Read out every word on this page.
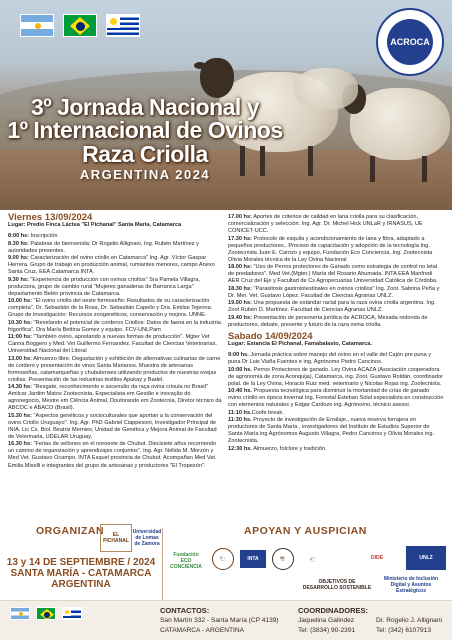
ACROCA
3º Jornada Nacional y
1º Internacional de Ovinos
Raza Criolla
ARGENTINA 2024
Viernes 13/09/2024
Lugar: Predio Finca Láctea "El Pichanal" Santa María, Catamarca
8:00 hs: Inscripción
8.30 hs: Palabras de bienvenida: Dr Rogelio Allignani, Ing. Rubén Martínez y autoridades presentes.
9.00 hs: Caracterización del ovino criollo en Catamarca" Ing. Agr. Víctor Gaspar Herrera. Grupo de trabajo en producción animal, rumiantes menores, campo Anexo Santa Cruz, EEA Catamarca INTA.
9.30 hs: "Experiencia de producción con ovinos criollos" Sra Pamela Villagra, productora, grupo de cambio rural "Mujeres ganaderas de Barranca Larga" departamento Belén provincia de Catamarca.
10.00 hs: "El ovino criollo del oeste formoseño: Resultados de su caracterización completa". Dr. Sebastián de la Rosa, Dr. Sebastián Capello y Dra. Emilse Tejerina. Grupo de Investigación: Recursos zoogenéticos, conservación y mejora. UNNE.
10.30 hs: "Revelando el potencial de corderos Criollos: Datos de faena en la industria frigorífica". Dra María Bettina Gomez y equipo. FCV-UNLPam
11:00 hs: "También ovino, apostando a nuevas formas de producción". Mgter Vet Canna Boggero y Med. Vet Guillermo Fernandez. Facultad de Ciencias Veterinarias. Universidad Nacional del Litoral
13.00 hs: Almuerzo libre. Degustación y exhibición de alternativas culinarias de carne de cordero y presentación de vinos Santa Marianos. Muestra de artesanas formoseñas, catamarqueñas y chubutenses utilizando productos de nuestras ovejas criollas. Presentación de las industrias textiles Apukay y Badel.
14.30 hs: "Resgate, reconhecimento e ascensão da raça ovina crioula no Brasil" Amilcar Jardim Matos Zootecnista, Especialista em Gestão e inovação do agronegocio, Mestre em Ciência Animal, Doutorando em Zootecnia, Diretor técnico da ABCOC e ABACO (Brasil).
15.30 hs: "Aspectos genéticos y socioculturales que aportan a la conservación del ovino Criollo Uruguayo". Ing. Agr. PhD Gabriel Ciappesoni, Investigador Principal de INIA. Lic Cs. Biol. Beatriz Mernies, Unidad de Genética y Mejora Animal de Facultad de Veterinaria, UDELAR Uruguay.
16.30 hs: "Ferias de vellones en el noroeste de Chubut. Diecisiete años recorriendo un camino de organización y aprendizajes conjuntos". Ing. Agr. Nélida M. Morzón y Med Vet. Gustavo Ocampo. INTA Esquel provincia de Chubut. Acompañan Med Vet. Emilia Miselli e integrantes del grupo de artesanas y productores "El Tropezón".
17.00 hs: Aportes de criterios de calidad en lana criolla para su clasificación, comercialización y selección. Ing. Agr. Dr. Michel Hick UNLaR y IRNASUS, UE CONICET-UCC.
17.30 hs: Protocolo de esquila y acondicionamiento de lana y fibra, adaptado a pequeños productores,. Proceso de capacitación y adopción de la tecnología Ing. Zootecnista Juan E. Carrizo y equipo, Fundación Eco Conciencia, Ing. Zootecnista Olivia Morales técnica de la Ley Ovina Nacional
18.00 hs: "Uso de Perros protectores de Ganado como estrategia de control no letal de predadores". Med Vet.(Mgter.) María del Rosario Ahumada. INTA EEA Manfredi AER Cruz del Eje y Facultad de Cs Agropecuarias Universidad Católica de Córdoba.
18.30 hs: "Parasitosis gastrointestinales en ovinos criollos" Ing. Zoot. Sabrina Peña y Dr. Mer. Vet. Gustavo López. Facultad de Ciencias Agrarias UNLZ.
19.00 hs: Una propuesta de estándar racial para la raza ovina criolla argentina. Ing. Zoot Rubén D. Martínez. Facultad de Ciencias Agrarias UNLZ.
19.40 hs: Presentación de personería jurídica de ACROCA, Mesada redonda de productores, debate, presente y futuro de la raza ovina criolla.
Sabado 14/09/2024
Lugar: Estancia El Pichanal, Famabalasto, Catamarca.
9:00 hs. Jornada práctica sobre manejo del ovino en el valle del Cajón pre puna y puna Dr Luis Viaña Fuentes e ing. Agrónomo Pedro Cancinos.
10:00 hs. Perros Protectores de ganado. Ley Ovina ACAZA (Asociación cooperadora de agronomía de zona Aconquija), Catamarca, ing. Zoot. Gustavo Roldán, coordinador polal. de la Ley Ovina, Horacio Ruiz med. veterinario y Nicolas Rojas ing. Zootecnista.
10:40 hs. Propuesta tecnológica para disminuir la mortandad de crías de ganado ovino criollo en época invernal Ing. Forestal Esteban Solal especialista en construcción con elementos naturales y Edgar Cardozo ing. Agrónomo, técnico asesor.
11:10 hs.Coofe break.
11:30 hs. Proyecto de investigación de Ensilaje,, nueva reserva forrajera en productores de Santa María , investigadores del Instituto de Estudios Superior de Santa María ing Agrónomos Augusto Villagra, Pedro Cancinos y Olivia Morales ing. Zootecnista.
12:30 hs. Almuerzo, folclore y tradición.
ORGANIZAN	APOYAN Y AUSPICIAN
EL PICHANAL
Universidad de Lomas de Zamora
13 y 14 DE SEPTIEMBRE / 2024
SANTA MARÍA - CATAMARCA
ARGENTINA
Fundación ECO CONCIENCIA
🐑	INTA	🐏	🐑	DIDE	UNLZ
OBJETIVOS DE DESARROLLO SOSTENIBLE
Ministerio de Inclusión Digital y Asuntos Estratégicos
CONTACTOS:
San Martín 332 - Santa María (CP 4139)
CATAMARCA - ARGENTINA
COORDINADORES:
Jaquelina Galindez
Tel: (3834) 90-2391
Dr. Rogelio J. Allignani
Tel: (342) 6107913
